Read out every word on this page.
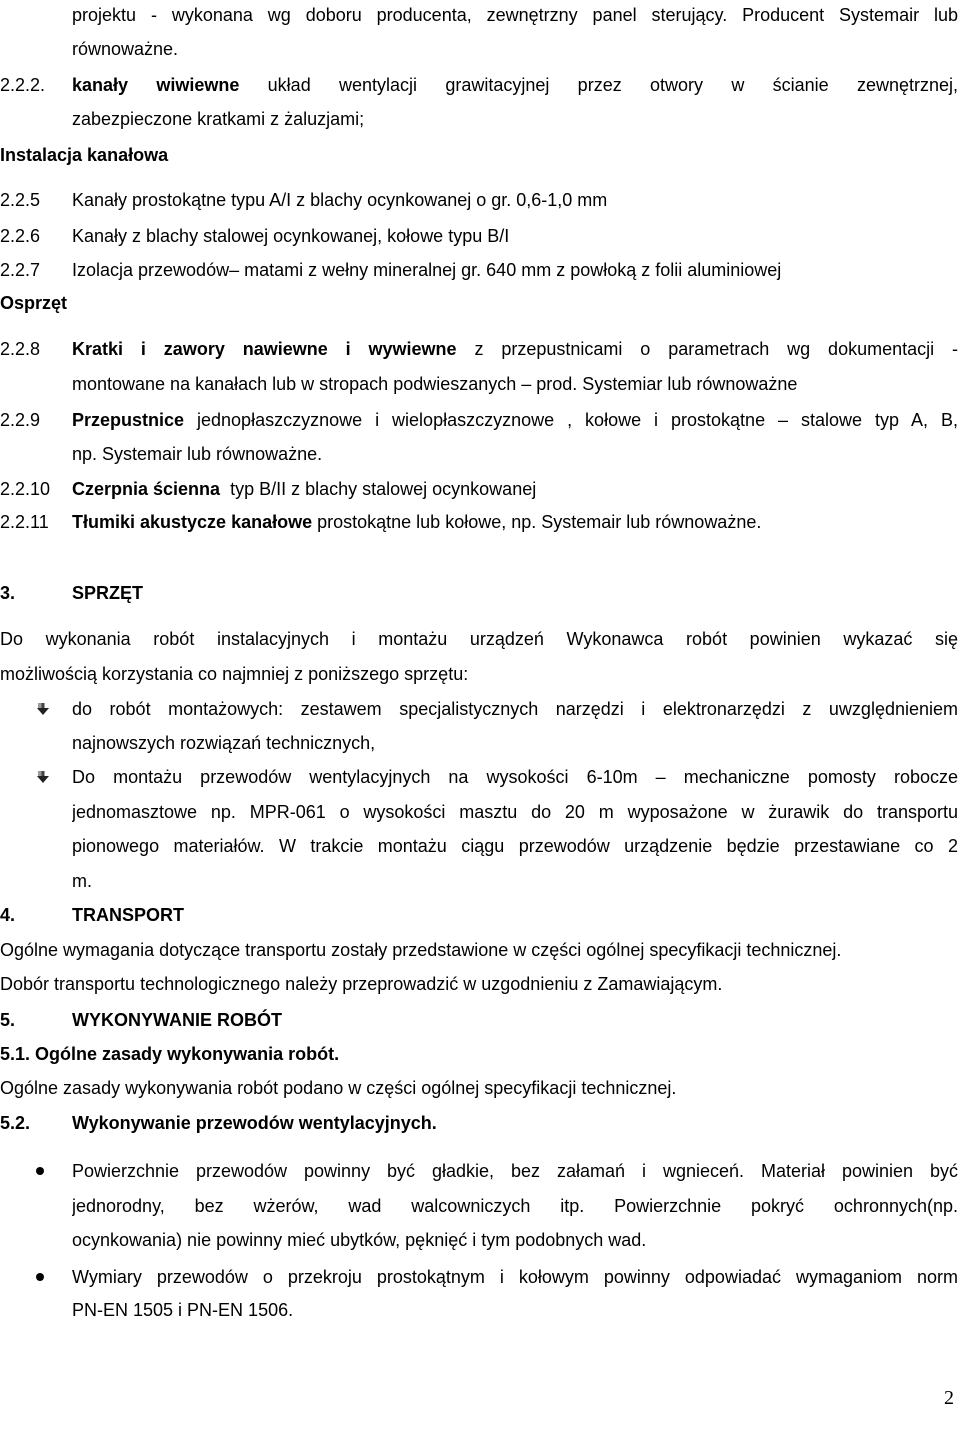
projektu - wykonana wg doboru producenta, zewnętrzny panel sterujący. Producent Systemair lub
równoważne.
2.2.2. kanały wiwiewne układ wentylacji grawitacyjnej przez otwory w ścianie zewnętrznej,
zabezpieczone kratkami z żaluzjami;
Instalacja kanałowa
2.2.5 Kanały prostokątne typu A/I z blachy ocynkowanej o gr. 0,6-1,0 mm
2.2.6 Kanały z blachy stalowej ocynkowanej, kołowe typu B/I
2.2.7 Izolacja przewodów– matami z wełny mineralnej gr. 640 mm z powłoką z folii aluminiowej
Osprzęt
2.2.8 Kratki i zawory nawiewne i wywiewne z przepustnicami o parametrach wg dokumentacji -
montowane na kanałach lub w stropach podwieszanych – prod. Systemiar lub równoważne
2.2.9 Przepustnice jednopłaszczyznowe i wielopłaszczyznowe , kołowe i prostokątne – stalowe typ A, B,
np. Systemair lub równoważne.
2.2.10 Czerpnia ścienna  typ B/II z blachy stalowej ocynkowanej
2.2.11 Tłumiki akustycze kanałowe prostokątne lub kołowe, np. Systemair lub równoważne.
3.	SPRZĘT
Do wykonania robót instalacyjnych i montażu urządzeń Wykonawca robót powinien wykazać się
możliwością korzystania co najmniej z poniższego sprzętu:
do robót montażowych: zestawem specjalistycznych narzędzi i elektronarzędzi z uwzględnieniem
najnowszych rozwiązań technicznych,
Do montażu przewodów wentylacyjnych na wysokości 6-10m – mechaniczne pomosty robocze
jednomasztowe np. MPR-061 o wysokości masztu do 20 m wyposażone w żurawik do transportu
pionowego materiałów. W trakcie montażu ciągu przewodów urządzenie będzie przestawiane co 2
m.
4.	TRANSPORT
Ogólne wymagania dotyczące transportu zostały przedstawione w części ogólnej specyfikacji technicznej.
Dobór transportu technologicznego należy przeprowadzić w uzgodnieniu z Zamawiającym.
5.	WYKONYWANIE ROBÓT
5.1. Ogólne zasady wykonywania robót.
Ogólne zasady wykonywania robót podano w części ogólnej specyfikacji technicznej.
5.2. Wykonywanie przewodów wentylacyjnych.
Powierzchnie przewodów powinny być gładkie, bez załamań i wgnieceń. Materiał powinien być
jednorodny, bez wżerów, wad walcowniczych itp. Powierzchnie pokryć ochronnych(np.
ocynkowania) nie powinny mieć ubytków, pęknięć i tym podobnych wad.
Wymiary przewodów o przekroju prostokątnym i kołowym powinny odpowiadać wymaganiom norm
PN-EN 1505 i PN-EN 1506.
2
